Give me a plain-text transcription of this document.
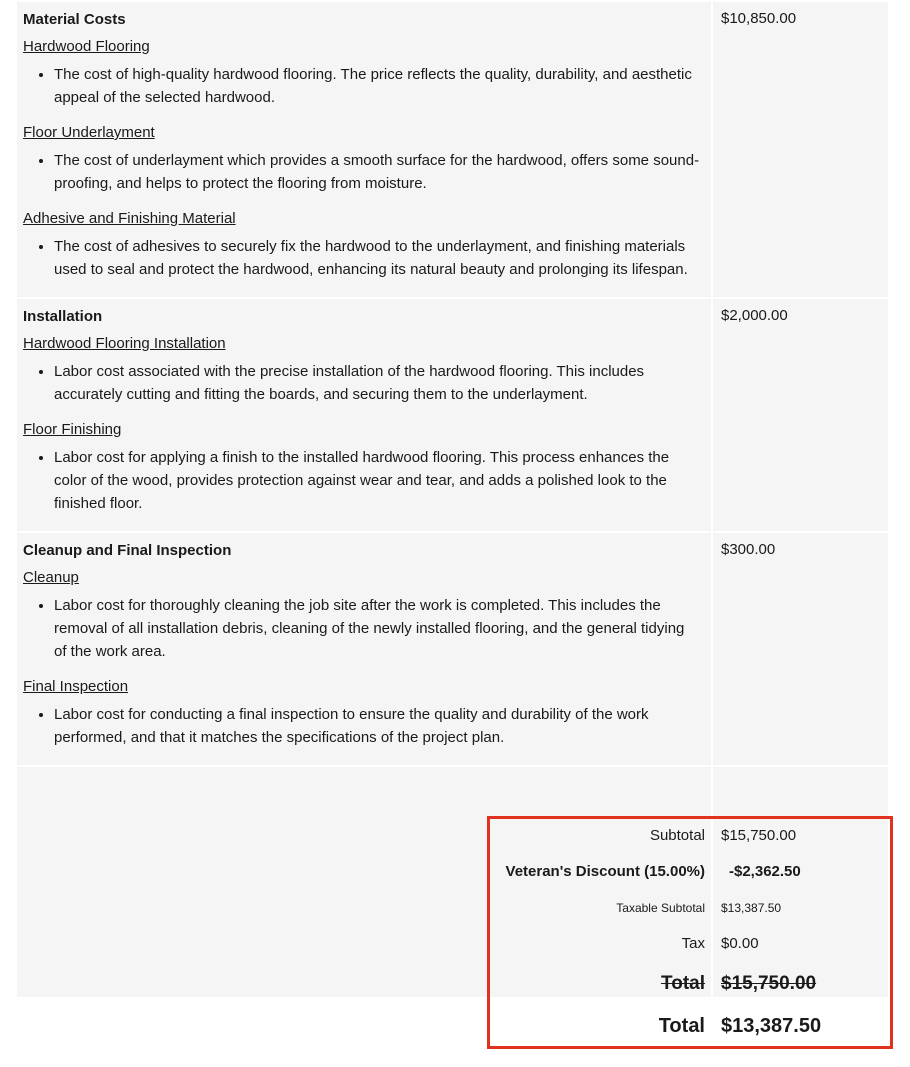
Material Costs
Hardwood Flooring
• The cost of high-quality hardwood flooring. The price reflects the quality, durability, and aesthetic appeal of the selected hardwood.
Floor Underlayment
• The cost of underlayment which provides a smooth surface for the hardwood, offers some sound-proofing, and helps to protect the flooring from moisture.
Adhesive and Finishing Material
• The cost of adhesives to securely fix the hardwood to the underlayment, and finishing materials used to seal and protect the hardwood, enhancing its natural beauty and prolonging its lifespan.
$10,850.00
Installation
Hardwood Flooring Installation
• Labor cost associated with the precise installation of the hardwood flooring. This includes accurately cutting and fitting the boards, and securing them to the underlayment.
Floor Finishing
• Labor cost for applying a finish to the installed hardwood flooring. This process enhances the color of the wood, provides protection against wear and tear, and adds a polished look to the finished floor.
$2,000.00
Cleanup and Final Inspection
Cleanup
• Labor cost for thoroughly cleaning the job site after the work is completed. This includes the removal of all installation debris, cleaning of the newly installed flooring, and the general tidying of the work area.
Final Inspection
• Labor cost for conducting a final inspection to ensure the quality and durability of the work performed, and that it matches the specifications of the project plan.
$300.00
Subtotal	$15,750.00
Veteran's Discount (15.00%)	-$2,362.50
Taxable Subtotal	$13,387.50
Tax	$0.00
Total $15,750.00
Total $13,387.50
